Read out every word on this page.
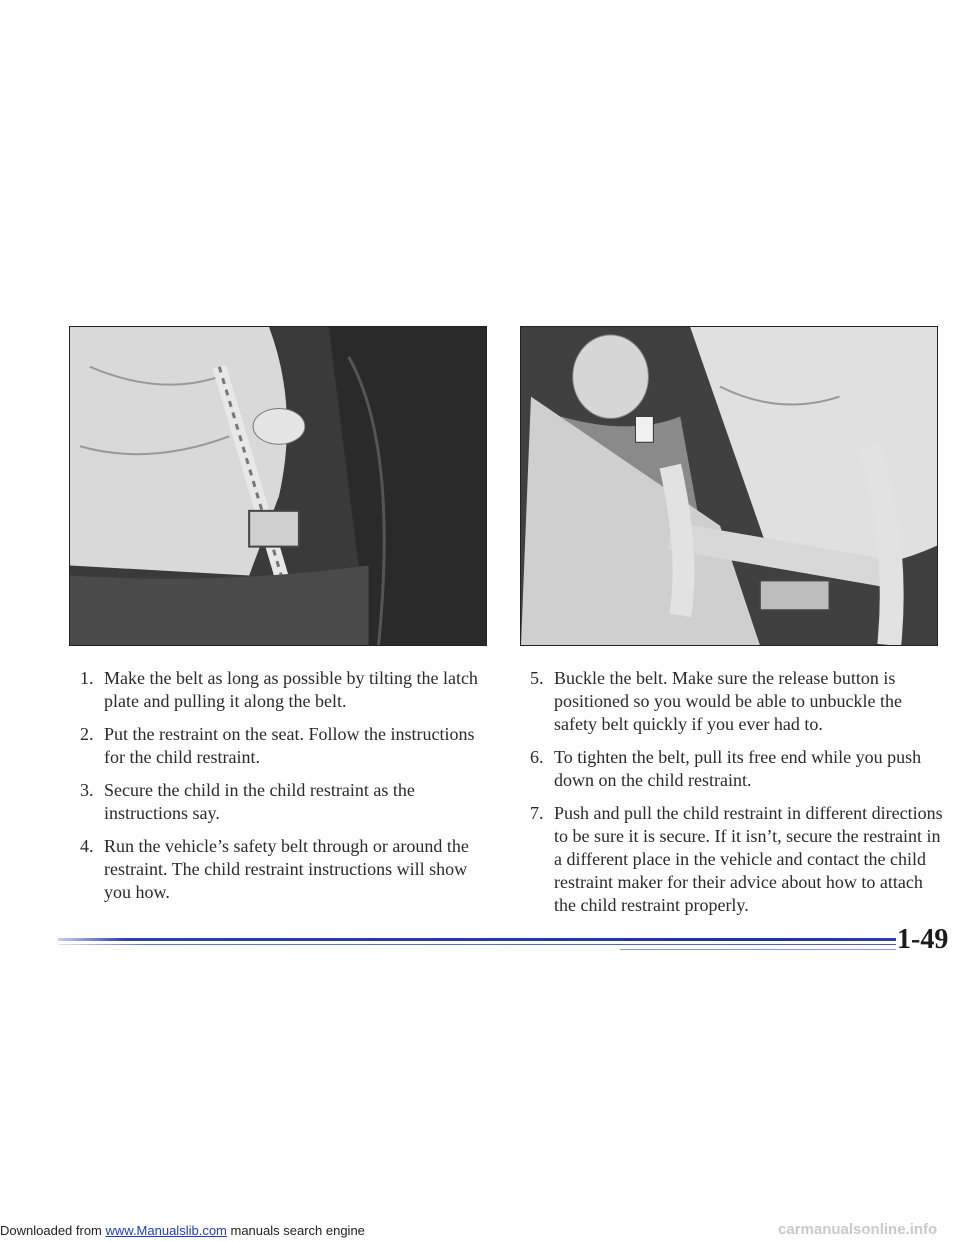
1. Make the belt as long as possible by tilting the latch plate and pulling it along the belt.
2. Put the restraint on the seat. Follow the instructions for the child restraint.
3. Secure the child in the child restraint as the instructions say.
4. Run the vehicle’s safety belt through or around the restraint. The child restraint instructions will show you how.
5. Buckle the belt. Make sure the release button is positioned so you would be able to unbuckle the safety belt quickly if you ever had to.
6. To tighten the belt, pull its free end while you push down on the child restraint.
7. Push and pull the child restraint in different directions to be sure it is secure. If it isn’t, secure the restraint in a different place in the vehicle and contact the child restraint maker for their advice about how to attach the child restraint properly.
1-49
Downloaded from www.Manualslib.com manuals search engine	carmanualsonline.info
